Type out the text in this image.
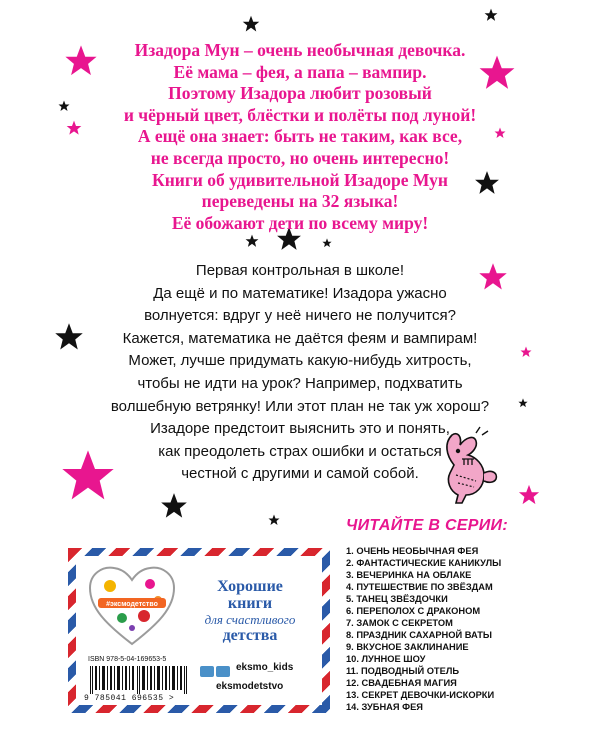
Изадора Мун – очень необычная девочка.
Её мама – фея, а папа – вампир.
Поэтому Изадора любит розовый
и чёрный цвет, блёстки и полёты под луной!
А ещё она знает: быть не таким, как все,
не всегда просто, но очень интересно!
Книги об удивительной Изадоре Мун
переведены на 32 языка!
Её обожают дети по всему миру!
Первая контрольная в школе!
Да ещё и по математике! Изадора ужасно
волнуется: вдруг у неё ничего не получится?
Кажется, математика не даётся феям и вампирам!
Может, лучше придумать какую-нибудь хитрость,
чтобы не идти на урок? Например, подхватить
волшебную ветрянку! Или этот план не так уж хорош?
Изадоре предстоит выяснить это и понять,
как преодолеть страх ошибки и остаться
честной с другими и самой собой.
ЧИТАЙТЕ В СЕРИИ:
1. ОЧЕНЬ НЕОБЫЧНАЯ ФЕЯ
2. ФАНТАСТИЧЕСКИЕ КАНИКУЛЫ
3. ВЕЧЕРИНКА НА ОБЛАКЕ
4. ПУТЕШЕСТВИЕ ПО ЗВЁЗДАМ
5. ТАНЕЦ ЗВЁЗДОЧКИ
6. ПЕРЕПОЛОХ С ДРАКОНОМ
7. ЗАМОК С СЕКРЕТОМ
8. ПРАЗДНИК САХАРНОЙ ВАТЫ
9. ВКУСНОЕ ЗАКЛИНАНИЕ
10. ЛУННОЕ ШОУ
11. ПОДВОДНЫЙ ОТЕЛЬ
12. СВАДЕБНАЯ МАГИЯ
13. СЕКРЕТ ДЕВОЧКИ-ИСКОРКИ
14. ЗУБНАЯ ФЕЯ
#эксмодетство
Хорошие
книги
для счастливого
детства
ISBN 978-5-04-169653-5
9 785041 696535 >
eksmo_kids
eksmodetstvo
